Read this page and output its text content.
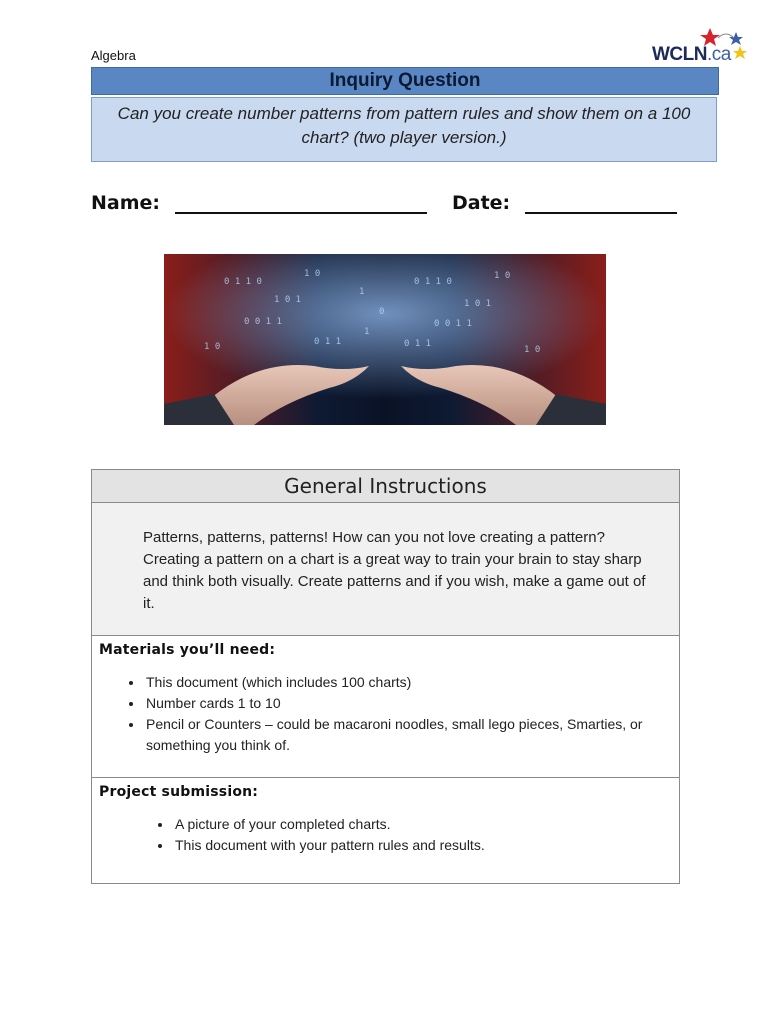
Algebra	WCLN.ca
Inquiry Question
Can you create number patterns from pattern rules and show them on a 100 chart? (two player version.)
Name:	Date:
0 1 1 0
1 0 1
0 0 1 1
1 0
0 1 1
1 0
0 1 1 0
1 0 1
0 0 1 1
1 0
0 1 1
1 0
1
0
1
General Instructions
Patterns, patterns, patterns! How can you not love creating a pattern? Creating a pattern on a chart is a great way to train your brain to stay sharp and think both visually. Create patterns and if you wish, make a game out of it.
Materials you’ll need:
• This document (which includes 100 charts)
• Number cards 1 to 10
• Pencil or Counters – could be macaroni noodles, small lego pieces, Smarties, or something you think of.
Project submission:
• A picture of your completed charts.
• This document with your pattern rules and results.
